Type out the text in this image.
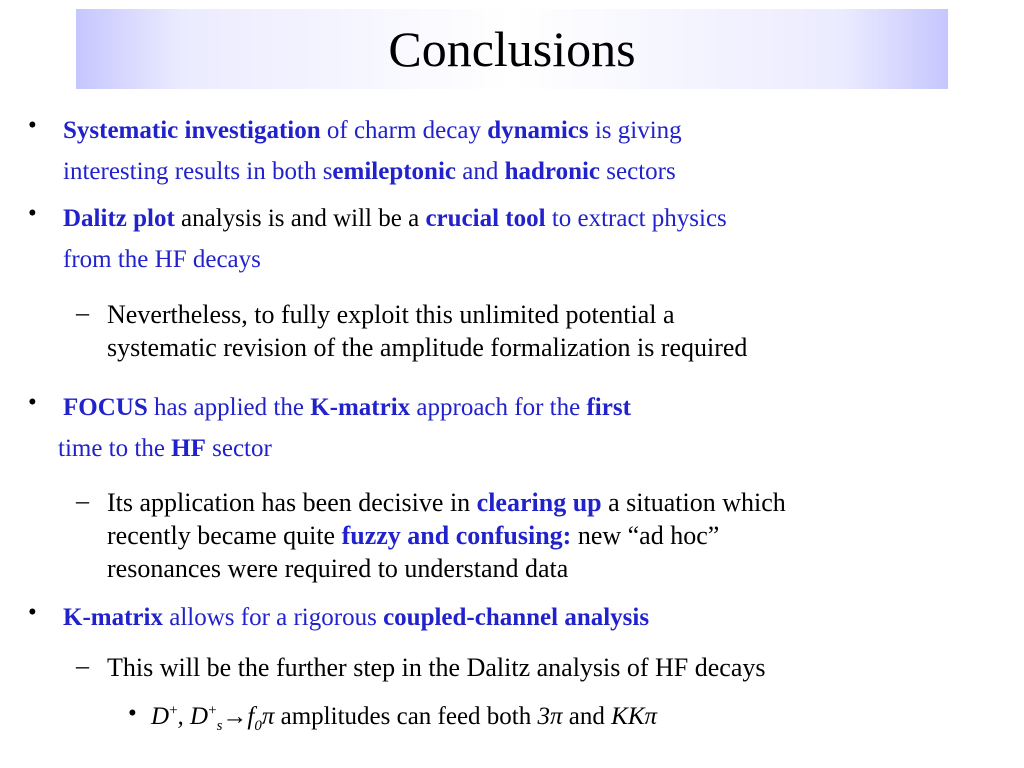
Conclusions
• Systematic investigation of charm decay dynamics is giving
interesting results in both semileptonic and hadronic sectors
• Dalitz plot analysis is and will be a crucial tool to extract physics
from the HF decays
– Nevertheless, to fully exploit this unlimited potential a
systematic revision of the amplitude formalization is required
• FOCUS has applied the K-matrix approach for the first
time to the HF sector
– Its application has been decisive in clearing up a situation which
recently became quite fuzzy and confusing: new “ad hoc”
resonances were required to understand data
• K-matrix allows for a rigorous coupled-channel analysis
– This will be the further step in the Dalitz analysis of HF decays
• D+, $D^+_s\to f_0\pi$ amplitudes can feed both 3π and KKπ
